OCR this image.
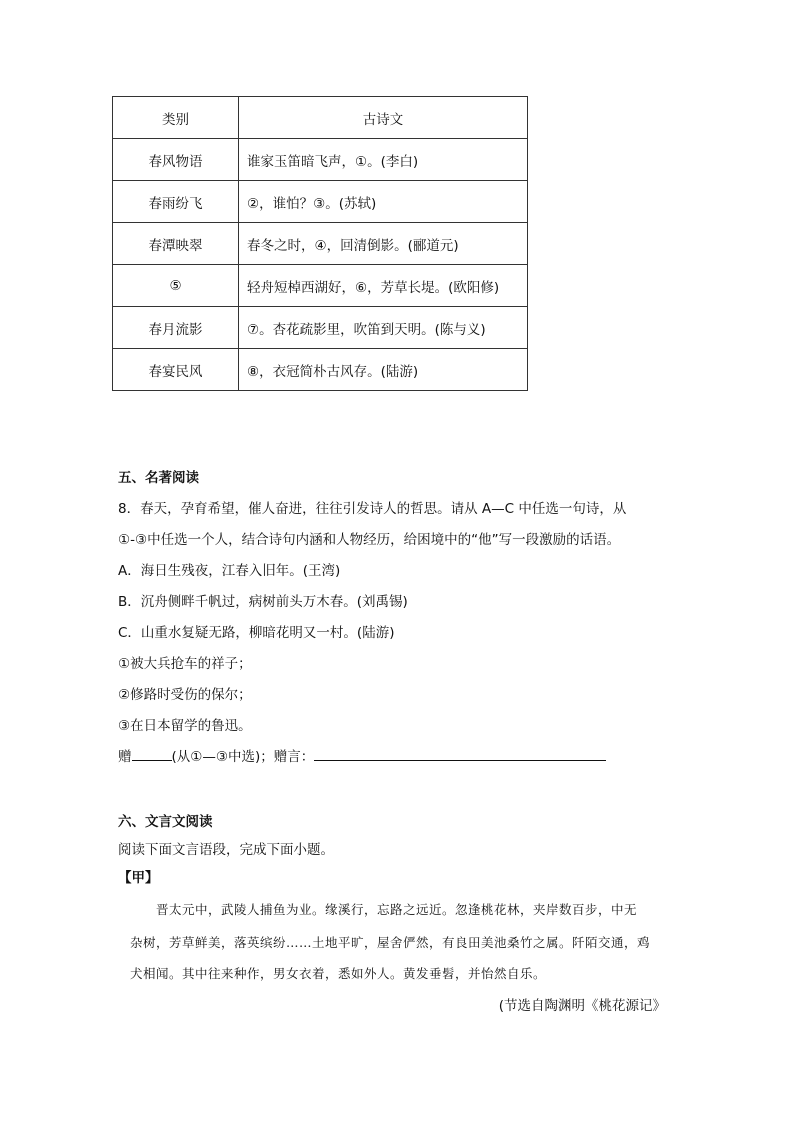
类别	古诗文
春风物语	谁家玉笛暗飞声，①。(李白)
春雨纷飞	②，谁怕？③。(苏轼)
春潭映翠	春冬之时，④，回清倒影。(郦道元)
⑤	轻舟短棹西湖好，⑥，芳草长堤。(欧阳修)
春月流影	⑦。杏花疏影里，吹笛到天明。(陈与义)
春宴民风	⑧，衣冠简朴古风存。(陆游)
五、名著阅读
8．春天，孕育希望，催人奋进，往往引发诗人的哲思。请从 A—C 中任选一句诗，从
①-③中任选一个人，结合诗句内涵和人物经历，给困境中的“他”写一段激励的话语。
A．海日生残夜，江春入旧年。(王湾)
B．沉舟侧畔千帆过，病树前头万木春。(刘禹锡)
C．山重水复疑无路，柳暗花明又一村。(陆游)
①被大兵抢车的祥子；
②修路时受伤的保尔；
③在日本留学的鲁迅。
赠	(从①—③中选)；赠言：
六、文言文阅读
阅读下面文言语段，完成下面小题。
【甲】
晋太元中，武陵人捕鱼为业。缘溪行，忘路之远近。忽逢桃花林，夹岸数百步，中无
杂树，芳草鲜美，落英缤纷……土地平旷，屋舍俨然，有良田美池桑竹之属。阡陌交通，鸡
犬相闻。其中往来种作，男女衣着，悉如外人。黄发垂髫，并怡然自乐。
(节选自陶渊明《桃花源记》
